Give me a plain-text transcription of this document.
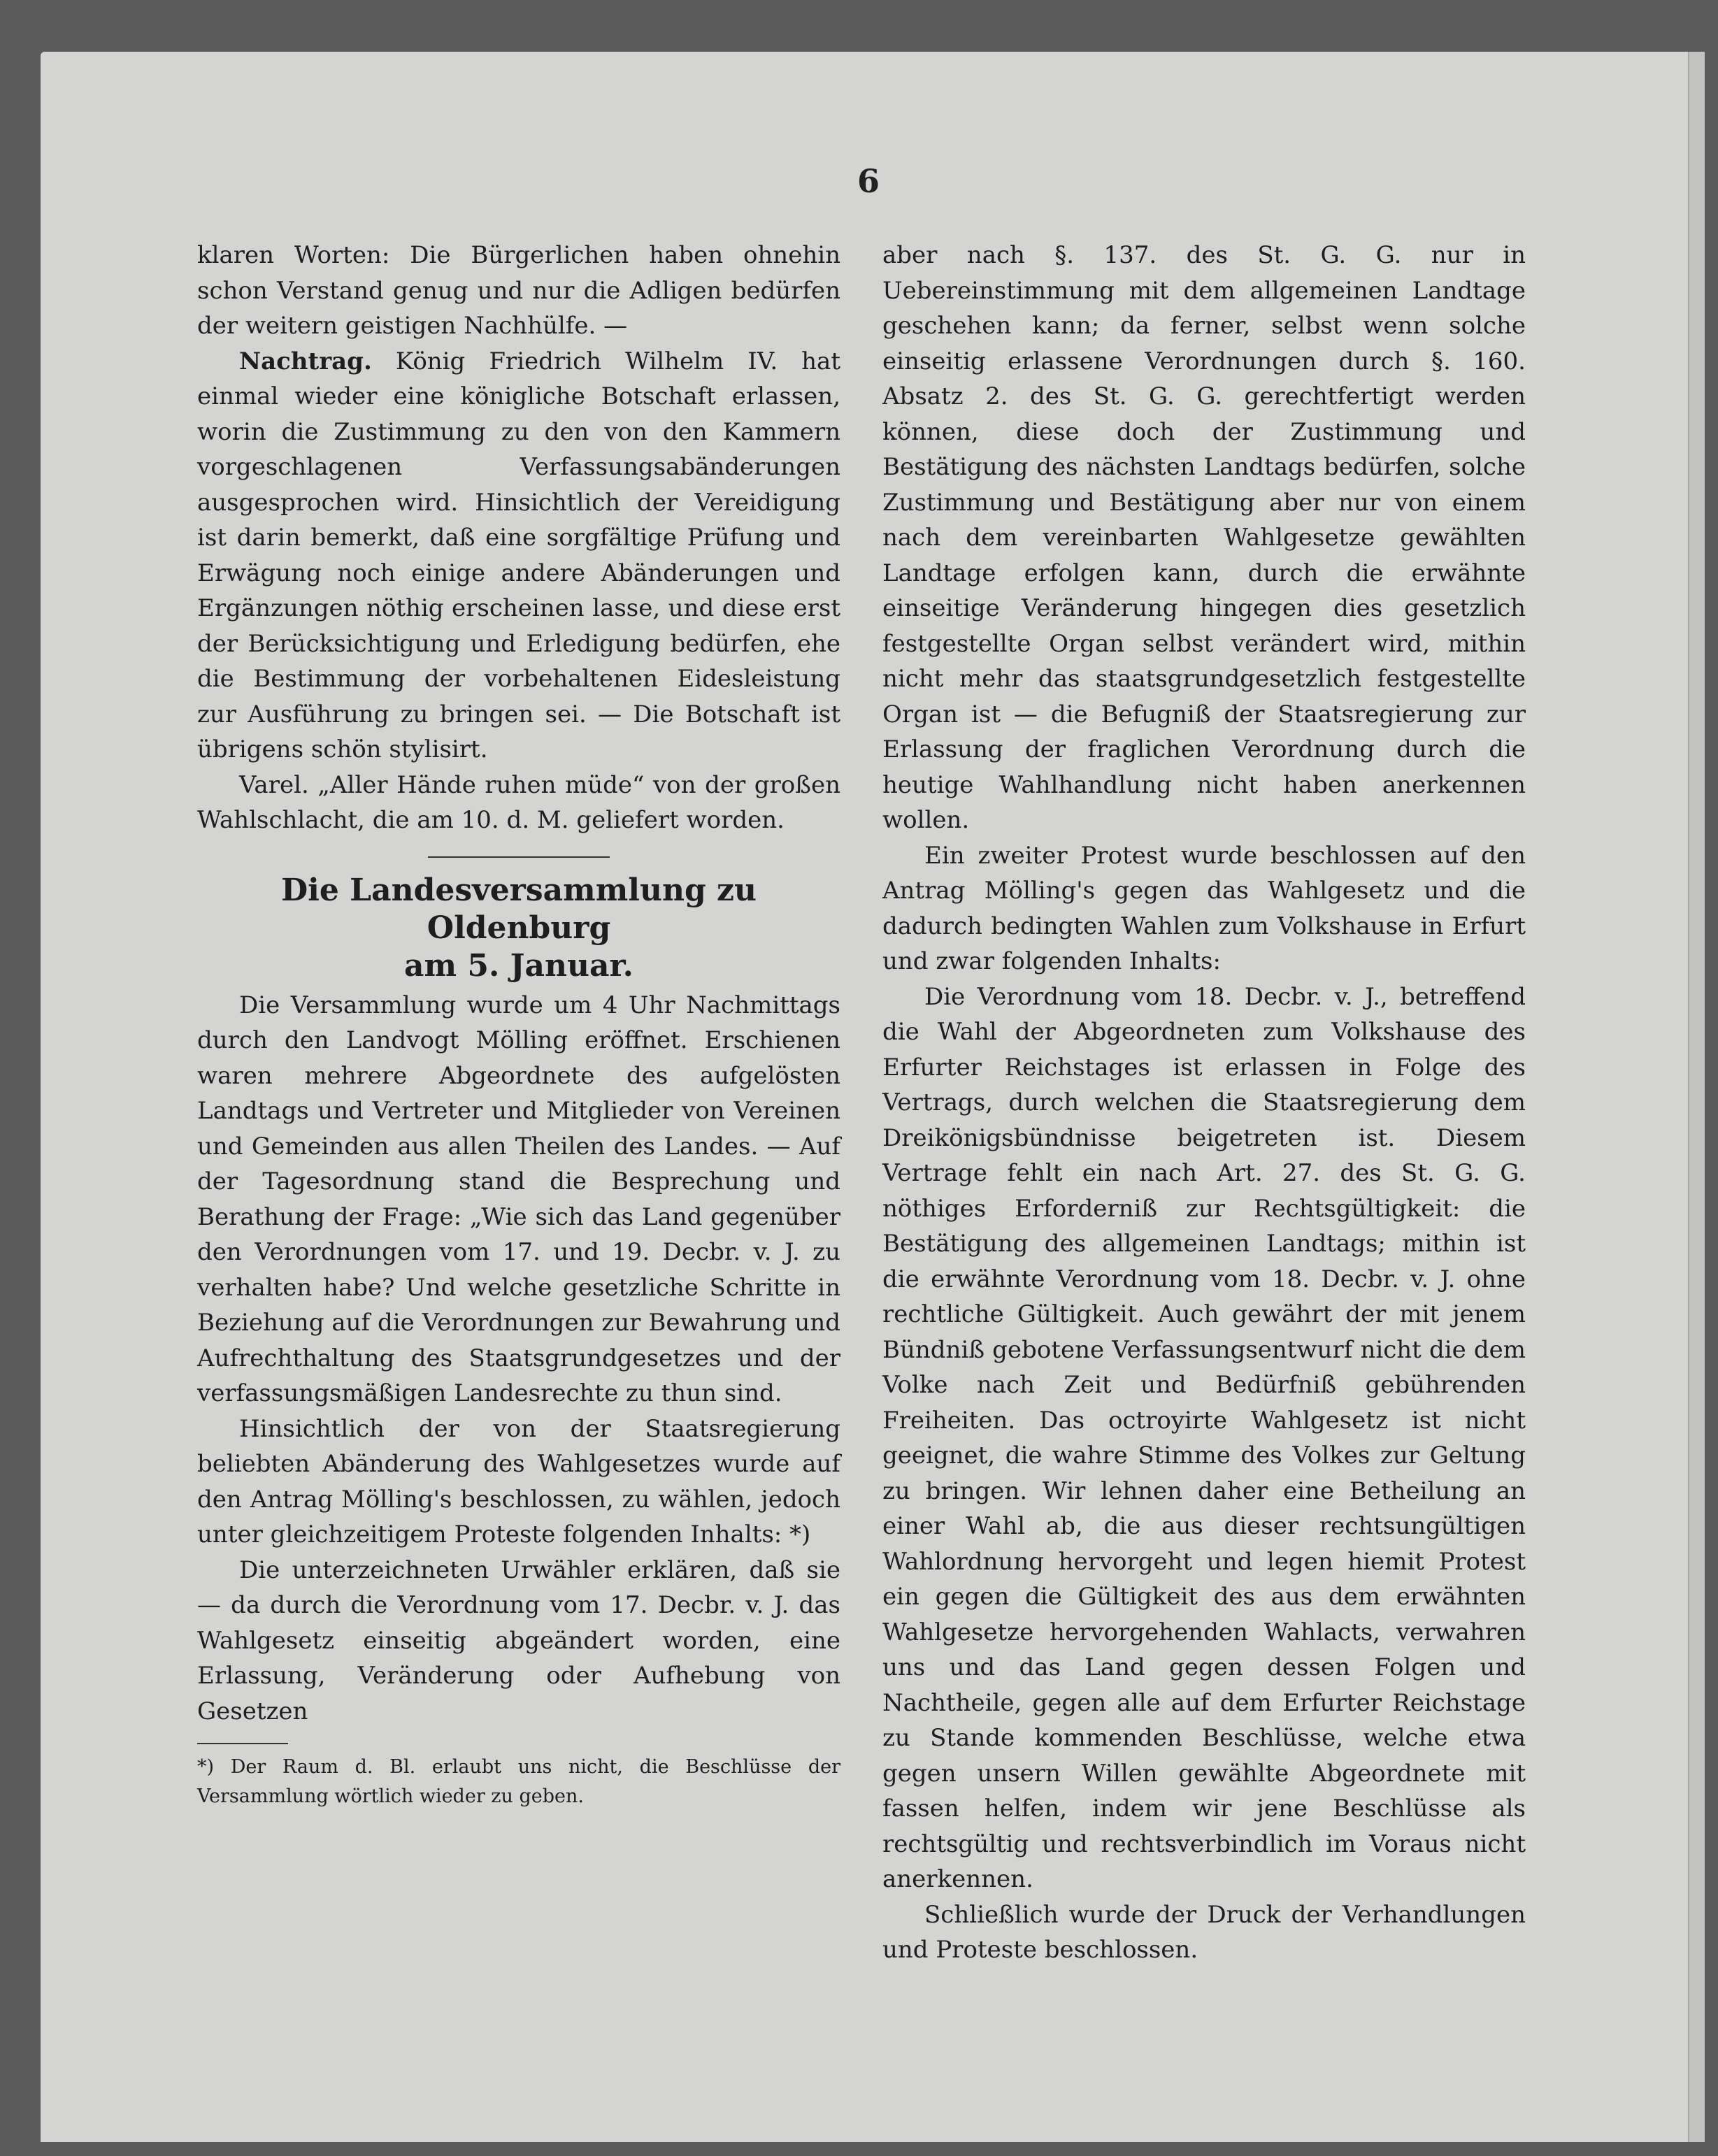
6

klaren Worten: Die Bürgerlichen haben ohnehin schon Verstand genug und nur die Adligen bedürfen der weitern geistigen Nachhülfe. —

Nachtrag. König Friedrich Wilhelm IV. hat einmal wieder eine königliche Botschaft erlassen, worin die Zustimmung zu den von den Kammern vorgeschlagenen Verfassungsabänderungen ausgesprochen wird. Hinsichtlich der Vereidigung ist darin bemerkt, daß eine sorgfältige Prüfung und Erwägung noch einige andere Abänderungen und Ergänzungen nöthig erscheinen lasse, und diese erst der Berücksichtigung und Erledigung bedürfen, ehe die Bestimmung der vorbehaltenen Eidesleistung zur Ausführung zu bringen sei. — Die Botschaft ist übrigens schön stylisirt.

Varel. „Aller Hände ruhen müde“ von der großen Wahlschlacht, die am 10. d. M. geliefert worden.

Die Landesversammlung zu Oldenburg
am 5. Januar.

Die Versammlung wurde um 4 Uhr Nachmittags durch den Landvogt Mölling eröffnet. Erschienen waren mehrere Abgeordnete des aufgelösten Landtags und Vertreter und Mitglieder von Vereinen und Gemeinden aus allen Theilen des Landes. — Auf der Tagesordnung stand die Besprechung und Berathung der Frage: „Wie sich das Land gegenüber den Verordnungen vom 17. und 19. Decbr. v. J. zu verhalten habe? Und welche gesetzliche Schritte in Beziehung auf die Verordnungen zur Bewahrung und Aufrechthaltung des Staatsgrundgesetzes und der verfassungsmäßigen Landesrechte zu thun sind.

Hinsichtlich der von der Staatsregierung beliebten Abänderung des Wahlgesetzes wurde auf den Antrag Mölling's beschlossen, zu wählen, jedoch unter gleichzeitigem Proteste folgenden Inhalts: *)

Die unterzeichneten Urwähler erklären, daß sie — da durch die Verordnung vom 17. Decbr. v. J. das Wahlgesetz einseitig abgeändert worden, eine Erlassung, Veränderung oder Aufhebung von Gesetzen

*) Der Raum d. Bl. erlaubt uns nicht, die Beschlüsse der Versammlung wörtlich wieder zu geben.

aber nach §. 137. des St. G. G. nur in Uebereinstimmung mit dem allgemeinen Landtage geschehen kann; da ferner, selbst wenn solche einseitig erlassene Verordnungen durch §. 160. Absatz 2. des St. G. G. gerechtfertigt werden können, diese doch der Zustimmung und Bestätigung des nächsten Landtags bedürfen, solche Zustimmung und Bestätigung aber nur von einem nach dem vereinbarten Wahlgesetze gewählten Landtage erfolgen kann, durch die erwähnte einseitige Veränderung hingegen dies gesetzlich festgestellte Organ selbst verändert wird, mithin nicht mehr das staatsgrundgesetzlich festgestellte Organ ist — die Befugniß der Staatsregierung zur Erlassung der fraglichen Verordnung durch die heutige Wahlhandlung nicht haben anerkennen wollen.

Ein zweiter Protest wurde beschlossen auf den Antrag Mölling's gegen das Wahlgesetz und die dadurch bedingten Wahlen zum Volkshause in Erfurt und zwar folgenden Inhalts:

Die Verordnung vom 18. Decbr. v. J., betreffend die Wahl der Abgeordneten zum Volkshause des Erfurter Reichstages ist erlassen in Folge des Vertrags, durch welchen die Staatsregierung dem Dreikönigsbündnisse beigetreten ist. Diesem Vertrage fehlt ein nach Art. 27. des St. G. G. nöthiges Erforderniß zur Rechtsgültigkeit: die Bestätigung des allgemeinen Landtags; mithin ist die erwähnte Verordnung vom 18. Decbr. v. J. ohne rechtliche Gültigkeit. Auch gewährt der mit jenem Bündniß gebotene Verfassungsentwurf nicht die dem Volke nach Zeit und Bedürfniß gebührenden Freiheiten. Das octroyirte Wahlgesetz ist nicht geeignet, die wahre Stimme des Volkes zur Geltung zu bringen. Wir lehnen daher eine Betheilung an einer Wahl ab, die aus dieser rechtsungültigen Wahlordnung hervorgeht und legen hiemit Protest ein gegen die Gültigkeit des aus dem erwähnten Wahlgesetze hervorgehenden Wahlacts, verwahren uns und das Land gegen dessen Folgen und Nachtheile, gegen alle auf dem Erfurter Reichstage zu Stande kommenden Beschlüsse, welche etwa gegen unsern Willen gewählte Abgeordnete mit fassen helfen, indem wir jene Beschlüsse als rechtsgültig und rechtsverbindlich im Voraus nicht anerkennen.

Schließlich wurde der Druck der Verhandlungen und Proteste beschlossen.
